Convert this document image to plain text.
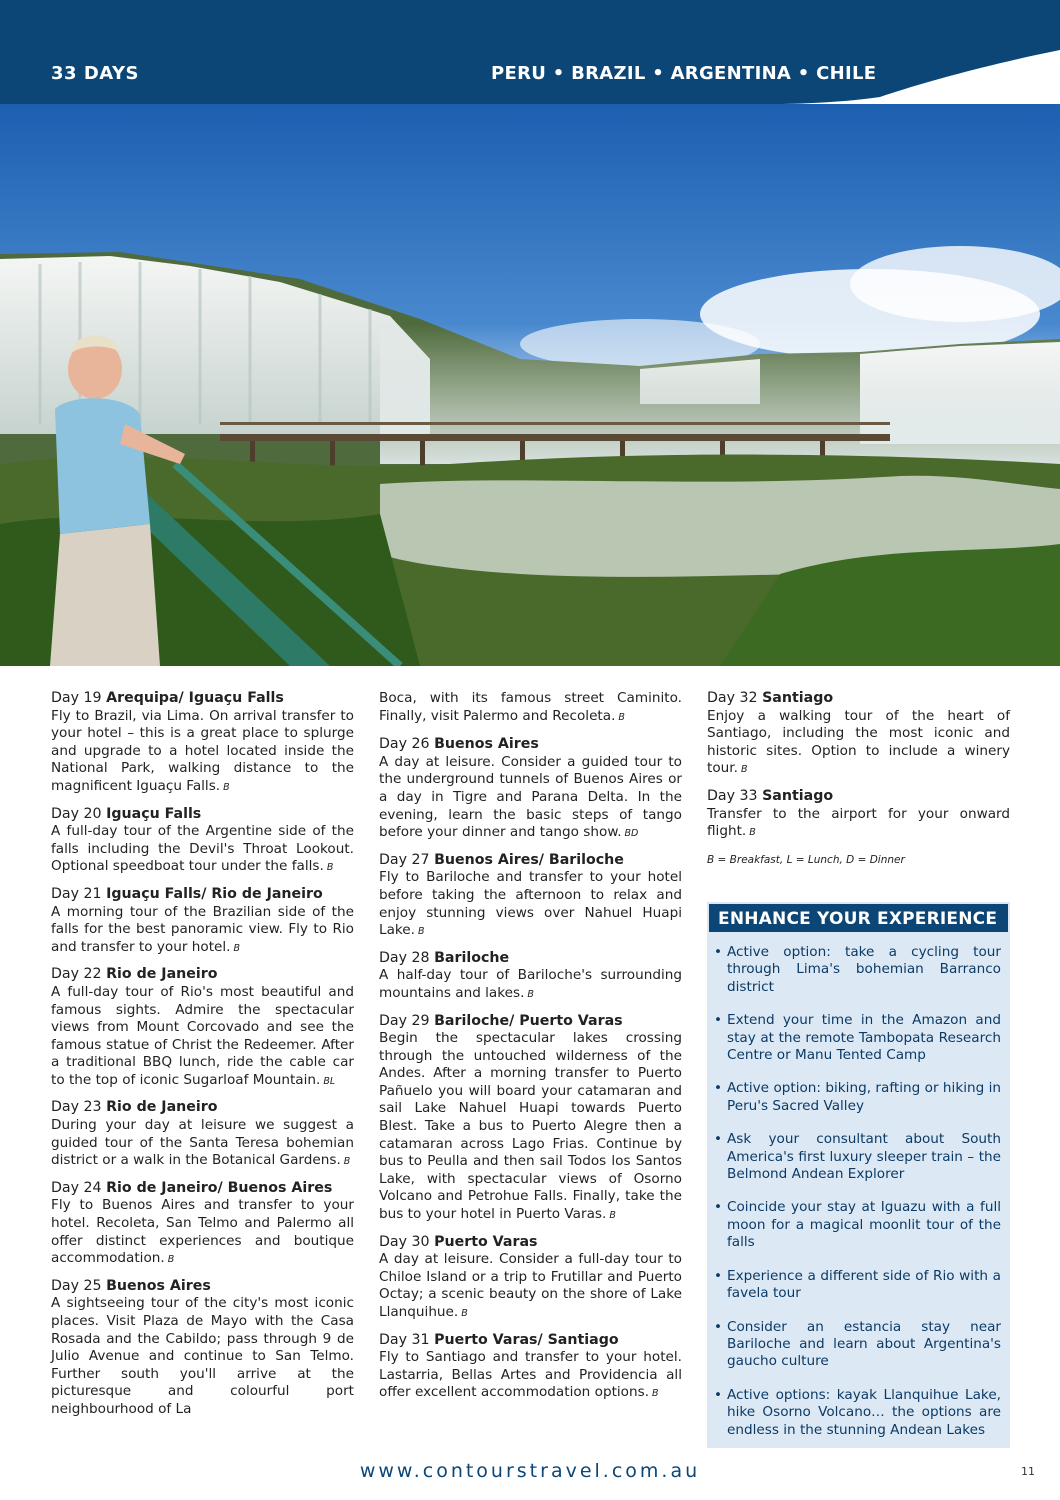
33 DAYS	PERU • BRAZIL • ARGENTINA • CHILE
Day 19 Arequipa/ Iguaçu Falls
Fly to Brazil, via Lima. On arrival transfer to your hotel – this is a great place to splurge and upgrade to a hotel located inside the National Park, walking distance to the magnificent Iguaçu Falls. B
Day 20 Iguaçu Falls
A full-day tour of the Argentine side of the falls including the Devil's Throat Lookout. Optional speedboat tour under the falls. B
Day 21 Iguaçu Falls/ Rio de Janeiro
A morning tour of the Brazilian side of the falls for the best panoramic view. Fly to Rio and transfer to your hotel. B
Day 22 Rio de Janeiro
A full-day tour of Rio's most beautiful and famous sights. Admire the spectacular views from Mount Corcovado and see the famous statue of Christ the Redeemer. After a traditional BBQ lunch, ride the cable car to the top of iconic Sugarloaf Mountain. BL
Day 23 Rio de Janeiro
During your day at leisure we suggest a guided tour of the Santa Teresa bohemian district or a walk in the Botanical Gardens. B
Day 24 Rio de Janeiro/ Buenos Aires
Fly to Buenos Aires and transfer to your hotel. Recoleta, San Telmo and Palermo all offer distinct experiences and boutique accommodation. B
Day 25 Buenos Aires
A sightseeing tour of the city's most iconic places. Visit Plaza de Mayo with the Casa Rosada and the Cabildo; pass through 9 de Julio Avenue and continue to San Telmo. Further south you'll arrive at the picturesque and colourful port neighbourhood of La
Boca, with its famous street Caminito. Finally, visit Palermo and Recoleta. B
Day 26 Buenos Aires
A day at leisure. Consider a guided tour to the underground tunnels of Buenos Aires or a day in Tigre and Parana Delta. In the evening, learn the basic steps of tango before your dinner and tango show. BD
Day 27 Buenos Aires/ Bariloche
Fly to Bariloche and transfer to your hotel before taking the afternoon to relax and enjoy stunning views over Nahuel Huapi Lake. B
Day 28 Bariloche
A half-day tour of Bariloche's surrounding mountains and lakes. B
Day 29 Bariloche/ Puerto Varas
Begin the spectacular lakes crossing through the untouched wilderness of the Andes. After a morning transfer to Puerto Pañuelo you will board your catamaran and sail Lake Nahuel Huapi towards Puerto Blest. Take a bus to Puerto Alegre then a catamaran across Lago Frias. Continue by bus to Peulla and then sail Todos los Santos Lake, with spectacular views of Osorno Volcano and Petrohue Falls. Finally, take the bus to your hotel in Puerto Varas. B
Day 30 Puerto Varas
A day at leisure. Consider a full-day tour to Chiloe Island or a trip to Frutillar and Puerto Octay; a scenic beauty on the shore of Lake Llanquihue. B
Day 31 Puerto Varas/ Santiago
Fly to Santiago and transfer to your hotel. Lastarria, Bellas Artes and Providencia all offer excellent accommodation options. B
Day 32 Santiago
Enjoy a walking tour of the heart of Santiago, including the most iconic and historic sites. Option to include a winery tour. B
Day 33 Santiago
Transfer to the airport for your onward flight. B
B = Breakfast, L = Lunch, D = Dinner
ENHANCE YOUR EXPERIENCE
• Active option: take a cycling tour through Lima's bohemian Barranco district
• Extend your time in the Amazon and stay at the remote Tambopata Research Centre or Manu Tented Camp
• Active option: biking, rafting or hiking in Peru's Sacred Valley
• Ask your consultant about South America's first luxury sleeper train – the Belmond Andean Explorer
• Coincide your stay at Iguazu with a full moon for a magical moonlit tour of the falls
• Experience a different side of Rio with a favela tour
• Consider an estancia stay near Bariloche and learn about Argentina's gaucho culture
• Active options: kayak Llanquihue Lake, hike Osorno Volcano… the options are endless in the stunning Andean Lakes
www.contourstravel.com.au	11
